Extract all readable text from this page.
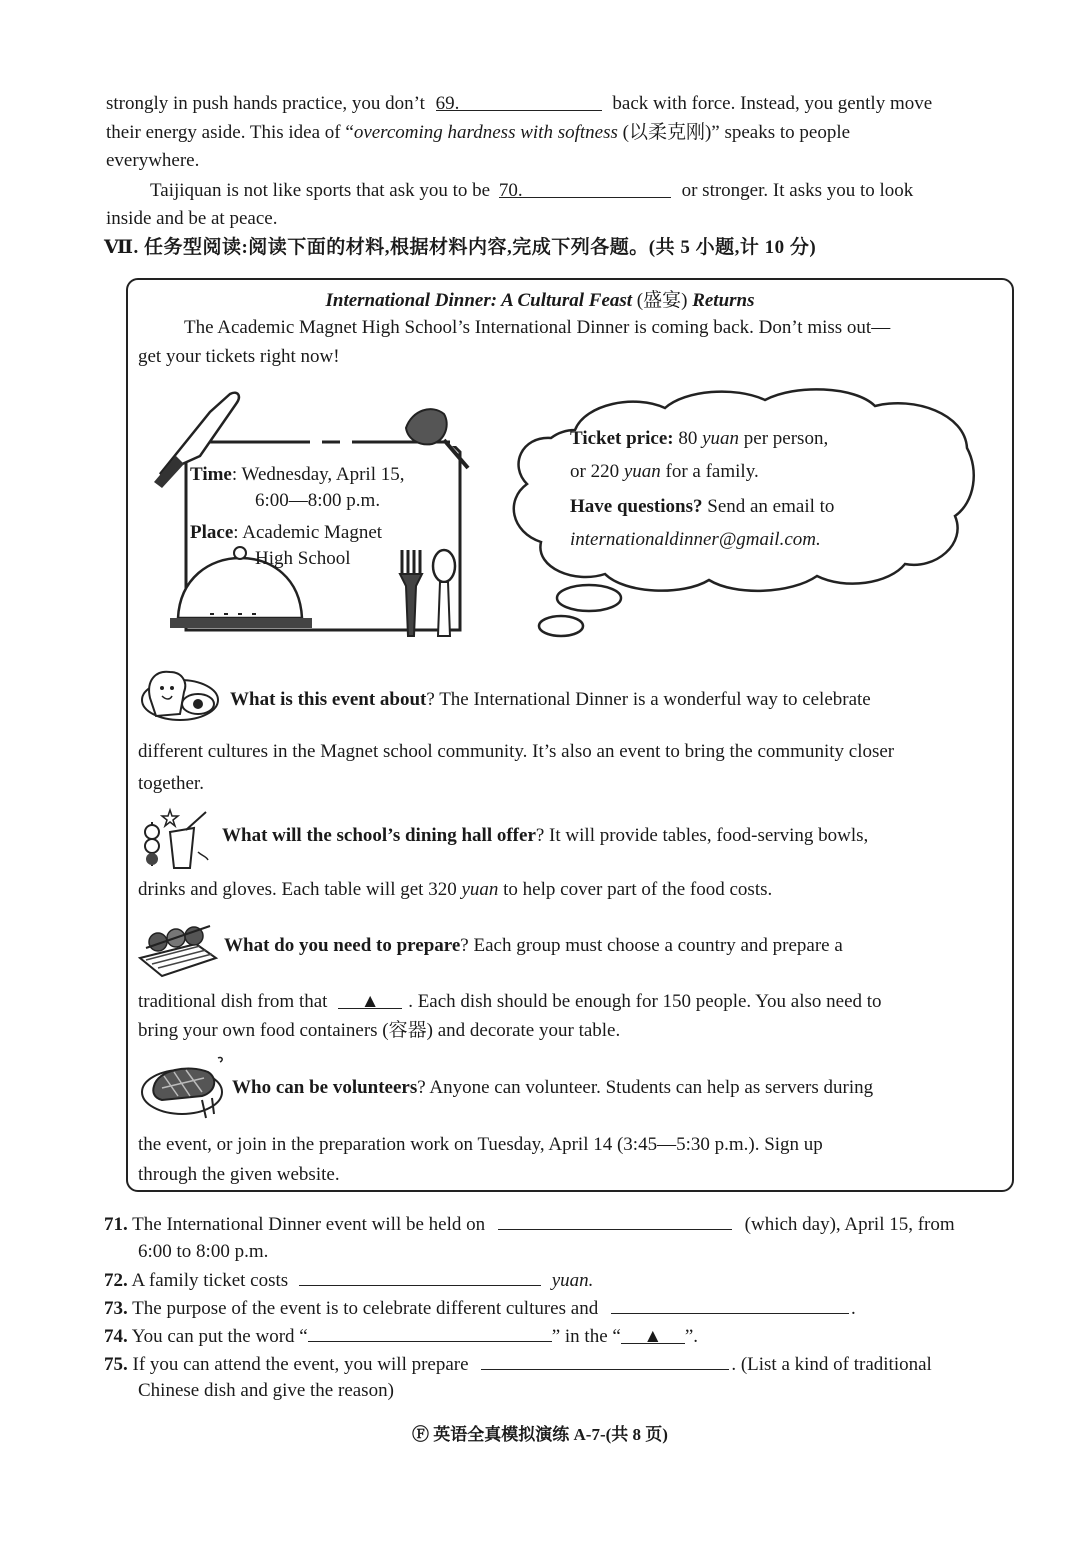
strongly in push hands practice, you don’t 69.	back with force. Instead, you gently move
their energy aside. This idea of “overcoming hardness with softness (以柔克刚)” speaks to people
everywhere.
Taijiquan is not like sports that ask you to be 70.	or stronger. It asks you to look
inside and be at peace.
Ⅶ. 任务型阅读:阅读下面的材料,根据材料内容,完成下列各题。(共 5 小题,计 10 分)
International Dinner: A Cultural Feast (盛宴) Returns
The Academic Magnet High School’s International Dinner is coming back. Don’t miss out—
get your tickets right now!
Time: Wednesday, April 15,
6:00—8:00 p.m.
Place: Academic Magnet
High School
Ticket price: 80 yuan per person,
or 220 yuan for a family.
Have questions? Send an email to
internationaldinner@gmail.com.
What is this event about? The International Dinner is a wonderful way to celebrate
different cultures in the Magnet school community. It’s also an event to bring the community closer
together.
What will the school’s dining hall offer? It will provide tables, food-serving bowls,
drinks and gloves. Each table will get 320 yuan to help cover part of the food costs.
What do you need to prepare? Each group must choose a country and prepare a
traditional dish from that ▲ . Each dish should be enough for 150 people. You also need to
bring your own food containers (容器) and decorate your table.
Who can be volunteers? Anyone can volunteer. Students can help as servers during
the event, or join in the preparation work on Tuesday, April 14 (3:45—5:30 p.m.). Sign up
through the given website.
71. The International Dinner event will be held on	(which day), April 15, from
6:00 to 8:00 p.m.
72. A family ticket costs	yuan.
73. The purpose of the event is to celebrate different cultures and	.
74. You can put the word “	” in the “ ▲ ”.
75. If you can attend the event, you will prepare	. (List a kind of traditional
Chinese dish and give the reason)
Ⓕ 英语全真模拟演练 A-7-(共 8 页)
